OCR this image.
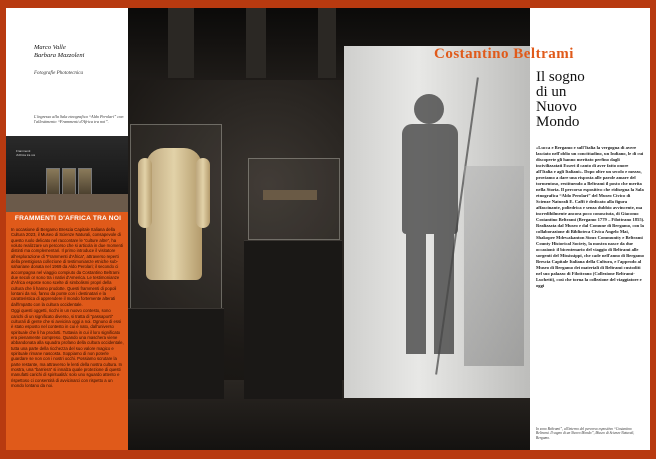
Marco Valle
Barbara Mazzoleni
Fotografie Phototecnica
L'ingresso alla Sala etnografica “Aldo Perolari” con l'allestimento “Frammenti d'Africa tra noi”.
Frammenti d'Africa tra noi
FRAMMENTI D'AFRICA TRA NOI

In occasione di Bergamo Brescia Capitale Italiana della Cultura 2023, il Museo di Scienze Naturali, consapevole di questo ruolo delicato nel raccontare le “culture altre”, ha voluto realizzare un percorso che si articola in due momenti distinti ma complementari. Il primo introduce il visitatore all'esplorazione di “Frammenti d'Africa”, attraverso reperti della prestigiosa collezione di testimonianze etniche sub-sahariane donata nel 1969 da Aldo Perolari; il secondo ci accompagna nel viaggio compiuto da Costantino Beltrami due secoli or sono tra i nativi d'America. Le testimonianze d'Africa esposte sono scelte di simbolismi propri della cultura che li hanno prodotte. Questi frammenti di popoli lontani da noi, fanno da ponte con i destinatari e la caratteristica di apprendere il mondo fortemente alterati dall'impatto con la cultura occidentale.

Oggi questi oggetti, ricchi in un nuovo contesto, sono carichi di un significato diverso, si tratta di “passaporti” culturali di gente che si avvicina oggi a noi. Ognuno di essi è stato esposto nel contesto in cui è nato, dall'universo spirituale che li ha prodotti. Tuttavia in cui il loro significato era pienamente compreso. Quando una maschera viene abbandonata alla squadra profano della cultura occidentale, tutta una parte della ricchezza del suo valore magico e spirituale rimane nascosta. Soppiamo di non poterle guardare se non con i nostri occhi. Possiamo scrutare la parte restante, ma attraverso le lenti della nostra cultura. In mostra, una “barriera” si innalza quale protezione di questi manufatti carichi di spiritualità: solo uno sguardo attento e rispettoso ci consentirà di avvicinarci con rispetto a un mondo lontano da noi.

Il sogno
di un
Nuovo
Mondo
«Lucca e Bergamo e sull'Italia la vergogna di avere lasciato nell'oblio un concittadino, un Indiano, le di cui discoperte gli hanno meritato perfino dagli incivilizzatati Esseri il canto di aver fatto onore all'Italia e agli Italiani». Dopo oltre un secolo e mezzo, proviamo a dare una risposta alle parole amare del tormentoso, restituendo a Beltrami il posto che merita nella Storia. Il percorso espositivo che ridisegna la Sala etnografica “Aldo Perolari” del Museo Civico di Scienze Naturali E. Caffi è dedicato alla figura affascinante, poliedrica e senza dubbio avvincente, ma incredibilmente ancora poco conosciuta, di Giacomo Costantino Beltrami (Bergamo 1779 – Filottrano 1855). Realizzata dal Museo e dal Comune di Bergamo, con la collaborazione di Biblioteca Civica Angelo Mai, Shakopee Mdewakanton Sioux Community e Beltrami County Historical Society, la mostra nasce da due occasioni: il bicentenario del viaggio di Beltrami alle sorgenti del Mississippi, che cade nell'anno di Bergamo Brescia Capitale Italiana della Cultura, e l'approdo al Museo di Bergamo dei materiali di Beltrami custoditi nel suo palazzo di Filottrano (Collezione Beltrami-Luchetti), così che torna la collezione del viaggiatore e oggi
In sono Beltrami”, all'interno del percorso espositivo “Costantino Beltrami. Il sogno di un Nuovo Mondo”, Museo di Scienze Naturali, Bergamo.
Costantino Beltrami
